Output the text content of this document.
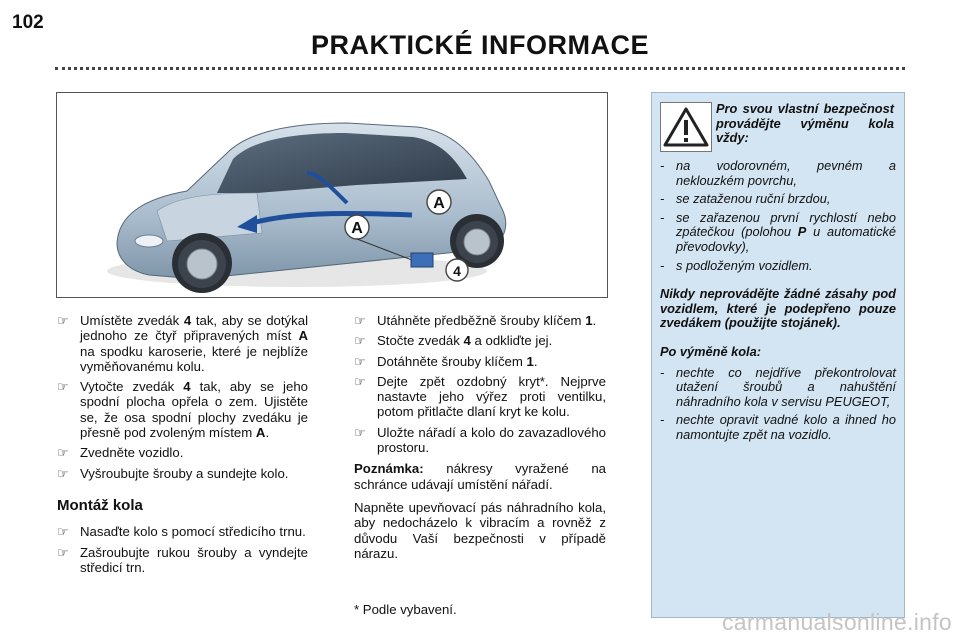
102
PRAKTICKÉ INFORMACE
A
A
4
☞ Umístěte zvedák 4 tak, aby se dotýkal jednoho ze čtyř připravených míst A na spodku karoserie, které je nejblíže vyměňovanému kolu.
☞ Vytočte zvedák 4 tak, aby se jeho spodní plocha opřela o zem. Ujistěte se, že osa spodní plochy zvedáku je přesně pod zvoleným místem A.
☞ Zvedněte vozidlo.
☞ Vyšroubujte šrouby a sundejte kolo.
Montáž kola
☞ Nasaďte kolo s pomocí středicího trnu.
☞ Zašroubujte rukou šrouby a vyndejte středicí trn.
☞ Utáhněte předběžně šrouby klíčem 1.
☞ Stočte zvedák 4 a odkliďte jej.
☞ Dotáhněte šrouby klíčem 1.
☞ Dejte zpět ozdobný kryt*. Nejprve nastavte jeho výřez proti ventilku, potom přitlačte dlaní kryt ke kolu.
☞ Uložte nářadí a kolo do zavazadlového prostoru.
Poznámka: nákresy vyražené na schránce udávají umístění nářadí.
Napněte upevňovací pás náhradního kola, aby nedocházelo k vibracím a rovněž z důvodu Vaší bezpečnosti v případě nárazu.
* Podle vybavení.
Pro svou vlastní bezpečnost provádějte výměnu kola vždy:
- na vodorovném, pevném a neklouzkém povrchu,
- se zataženou ruční brzdou,
- se zařazenou první rychlostí nebo zpátečkou (polohou P u automatické převodovky),
- s podloženým vozidlem.
Nikdy neprovádějte žádné zásahy pod vozidlem, které je podepřeno pouze zvedákem (použijte stojánek).
Po výměně kola:
- nechte co nejdříve překontrolovat utažení šroubů a nahuštění náhradního kola v servisu PEUGEOT,
- nechte opravit vadné kolo a ihned ho namontujte zpět na vozidlo.
carmanualsonline.info
